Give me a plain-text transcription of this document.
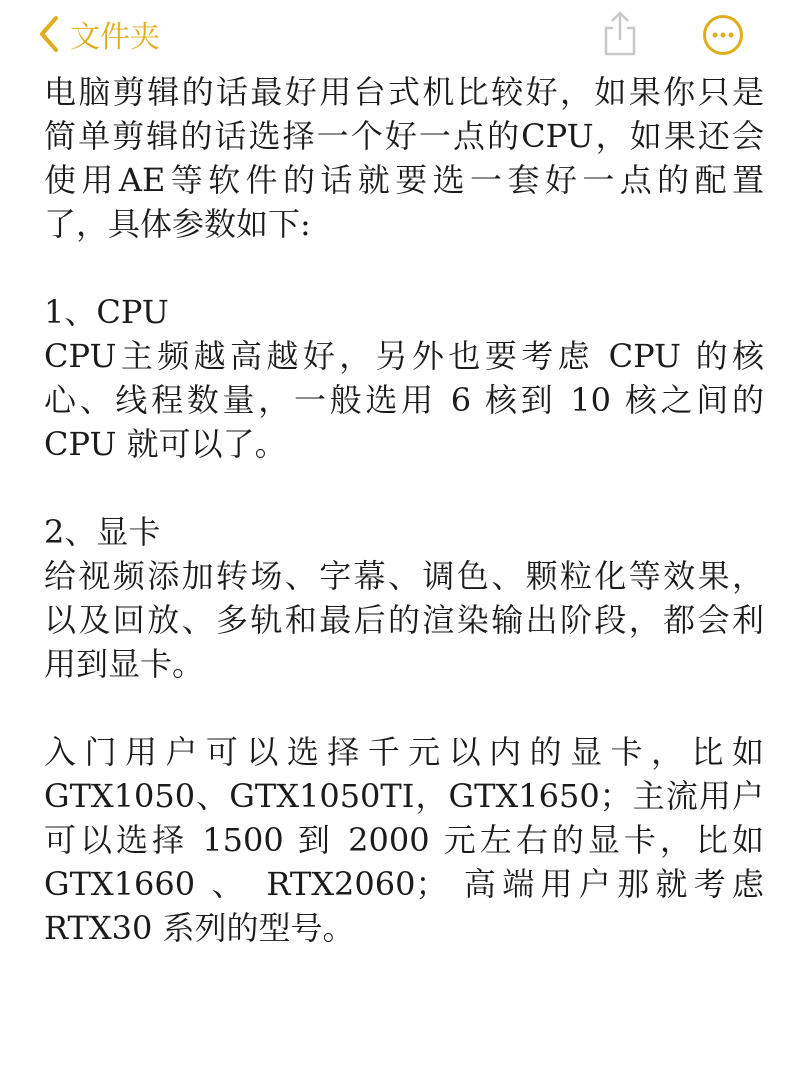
文件夹
电脑剪辑的话最好用台式机比较好，如果你只是
简单剪辑的话选择一个好一点的CPU，如果还会
使用AE等软件的话就要选一套好一点的配置
了，具体参数如下:
1、CPU
CPU主频越高越好，另外也要考虑 CPU 的核
心、线程数量，一般选用 6 核到 10 核之间的
CPU 就可以了。
2、显卡
给视频添加转场、字幕、调色、颗粒化等效果，
以及回放、多轨和最后的渲染输出阶段，都会利
用到显卡。
入门用户可以选择千元以内的显卡，比如
GTX1050、GTX1050TI，GTX1650；主流用户
可以选择 1500 到 2000 元左右的显卡，比如
GTX1660 、 RTX2060； 高端用户那就考虑
RTX30 系列的型号。
